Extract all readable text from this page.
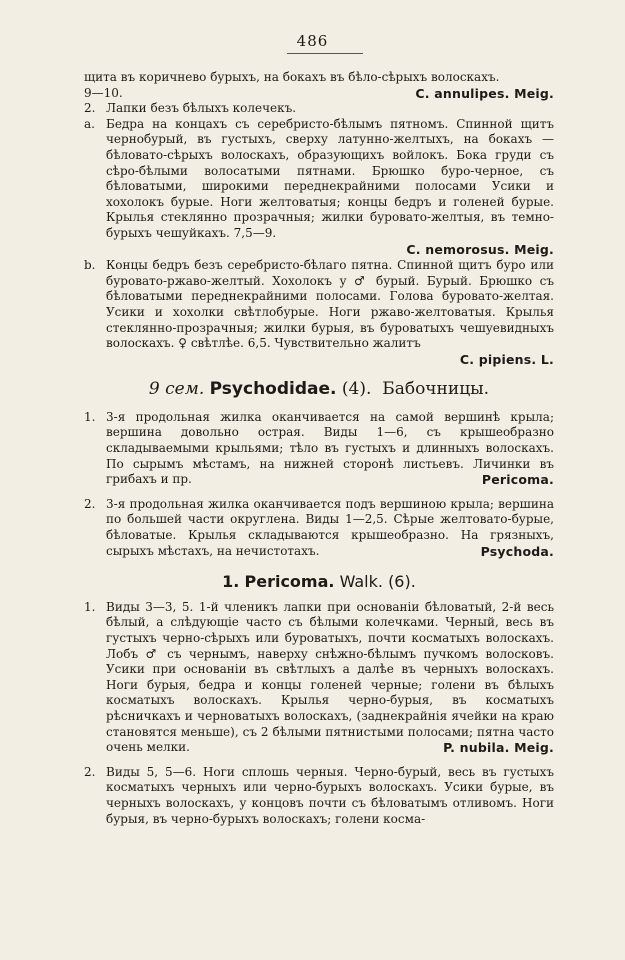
486
щита въ коричнево бурыхъ, на бокахъ въ бѣло-сѣрыхъ волоскахъ.
9—10.	C. annulipes. Meig.
2. Лапки безъ бѣлыхъ колечекъ.
a. Бедра на концахъ съ серебристо-бѣлымъ пятномъ. Спинной щитъ чернобурый, въ густыхъ, сверху латунно-желтыхъ, на бокахъ — бѣловато-сѣрыхъ волоскахъ, образующихъ войлокъ. Бока груди съ сѣро-бѣлыми волосатыми пятнами. Брюшко буро-черное, съ бѣловатыми, широкими переднекрайними полосами Усики и хохолокъ бурые. Ноги желтоватыя; концы бедръ и голеней бурые. Крылья стеклянно прозрачныя; жилки буровато-желтыя, въ темно-бурыхъ чешуйкахъ. 7,5—9.
C. nemorosus. Meig.
b. Концы бедръ безъ серебристо-бѣлаго пятна. Спинной щитъ буро или буровато-ржаво-желтый. Хохолокъ у ♂ бурый. Бурый. Брюшко съ бѣловатыми переднекрайними полосами. Голова буровато-желтая. Усики и хохолки свѣтлобурые. Ноги ржаво-желтоватыя. Крылья стеклянно-прозрачныя; жилки бурыя, въ буроватыхъ чешуевидныхъ волоскахъ. ♀ свѣтлѣе. 6,5. Чувствительно жалитъ
C. pipiens. L.
9 сем. Psychodidae. (4). Бабочницы.
1. 3-я продольная жилка оканчивается на самой вершинѣ крыла; вершина довольно острая. Виды 1—6, съ крышеобразно складываемыми крыльями; тѣло въ густыхъ и длинныхъ волоскахъ. По сырымъ мѣстамъ, на нижней сторонѣ листьевъ. Личинки въ грибахъ и пр.	Pericoma.
2. 3-я продольная жилка оканчивается подъ вершиною крыла; вершина по большей части округлена. Виды 1—2,5. Сѣрые желтовато-бурые, бѣловатые. Крылья складываются крышеобразно. На грязныхъ, сырыхъ мѣстахъ, на нечистотахъ.	Psychoda.
1. Pericoma. Walk. (6).
1. Виды 3—3, 5. 1-й членикъ лапки при основаніи бѣловатый, 2-й весь бѣлый, а слѣдующіе часто съ бѣлыми колечками. Черный, весь въ густыхъ черно-сѣрыхъ или буроватыхъ, почти косматыхъ волоскахъ. Лобъ ♂ съ чернымъ, наверху снѣжно-бѣлымъ пучкомъ волосковъ. Усики при основаніи въ свѣтлыхъ а далѣе въ черныхъ волоскахъ. Ноги бурыя, бедра и концы голеней черные; голени въ бѣлыхъ косматыхъ волоскахъ. Крылья черно-бурыя, въ косматыхъ рѣсничкахъ и черноватыхъ волоскахъ, (заднекрайнія ячейки на краю становятся меньше), съ 2 бѣлыми пятнистыми полосами; пятна часто очень мелки.	P. nubila. Meig.
2. Виды 5, 5—6. Ноги сплошь черныя. Черно-бурый, весь въ густыхъ косматыхъ черныхъ или черно-бурыхъ волоскахъ. Усики бурые, въ черныхъ волоскахъ, у концовъ почти съ бѣловатымъ отливомъ. Ноги бурыя, въ черно-бурыхъ волоскахъ; голени косма-
